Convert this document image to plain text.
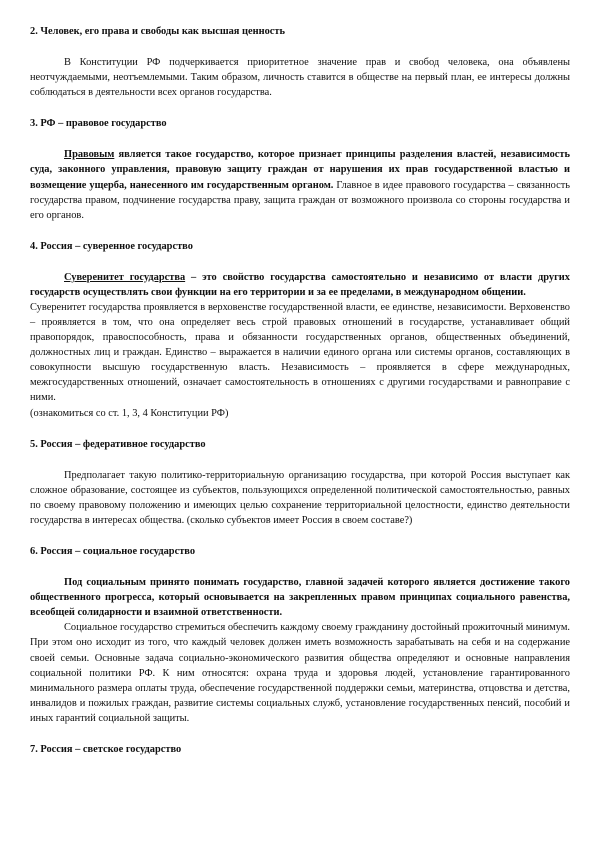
2. Человек, его права и свободы как высшая ценность

В Конституции РФ подчеркивается приоритетное значение прав и свобод человека, она объявлены неотчуждаемыми, неотъемлемыми. Таким образом, личность ставится в обществе на первый план, ее интересы должны соблюдаться в деятельности всех органов государства.

3. РФ – правовое государство

Правовым является такое государство, которое признает принципы разделения властей, независимость суда, законного управления, правовую защиту граждан от нарушения их прав государственной властью и возмещение ущерба, нанесенного им государственным органом. Главное в идее правового государства – связанность государства правом, подчинение государства праву, защита граждан от возможного произвола со стороны государства и его органов.

4. Россия – суверенное государство

Суверенитет государства – это свойство государства самостоятельно и независимо от власти других государств осуществлять свои функции на его территории и за ее пределами, в международном общении.

Суверенитет государства проявляется в верховенстве государственной власти, ее единстве, независимости. Верховенство – проявляется в том, что она определяет весь строй правовых отношений в государстве, устанавливает общий правопорядок, правоспособность, права и обязанности государственных органов, общественных объединений, должностных лиц и граждан. Единство – выражается в наличии единого органа или системы органов, составляющих в совокупности высшую государственную власть. Независимость – проявляется в сфере международных, межгосударственных отношений, означает самостоятельность в отношениях с другими государствами и равноправие с ними.

(ознакомиться со ст. 1, 3, 4 Конституции РФ)

5. Россия – федеративное государство

Предполагает такую политико-территориальную организацию государства, при которой Россия выступает как сложное образование, состоящее из субъектов, пользующихся определенной политической самостоятельностью, равных по своему правовому положению и имеющих целью сохранение территориальной целостности, единство деятельности государства в интересах общества. (сколько субъектов имеет Россия в своем составе?)

6. Россия – социальное государство

Под социальным принято понимать государство, главной задачей которого является достижение такого общественного прогресса, который основывается на закрепленных правом принципах социального равенства, всеобщей солидарности и взаимной ответственности.

Социальное государство стремиться обеспечить каждому своему гражданину достойный прожиточный минимум. При этом оно исходит из того, что каждый человек должен иметь возможность зарабатывать на себя и на содержание своей семьи. Основные задача социально-экономического развития общества определяют и основные направления социальной политики РФ. К ним относятся: охрана труда и здоровья людей, установление гарантированного минимального размера оплаты труда, обеспечение государственной поддержки семьи, материнства, отцовства и детства, инвалидов и пожилых граждан, развитие системы социальных служб, установление государственных пенсий, пособий и иных гарантий социальной защиты.

7. Россия – светское государство
